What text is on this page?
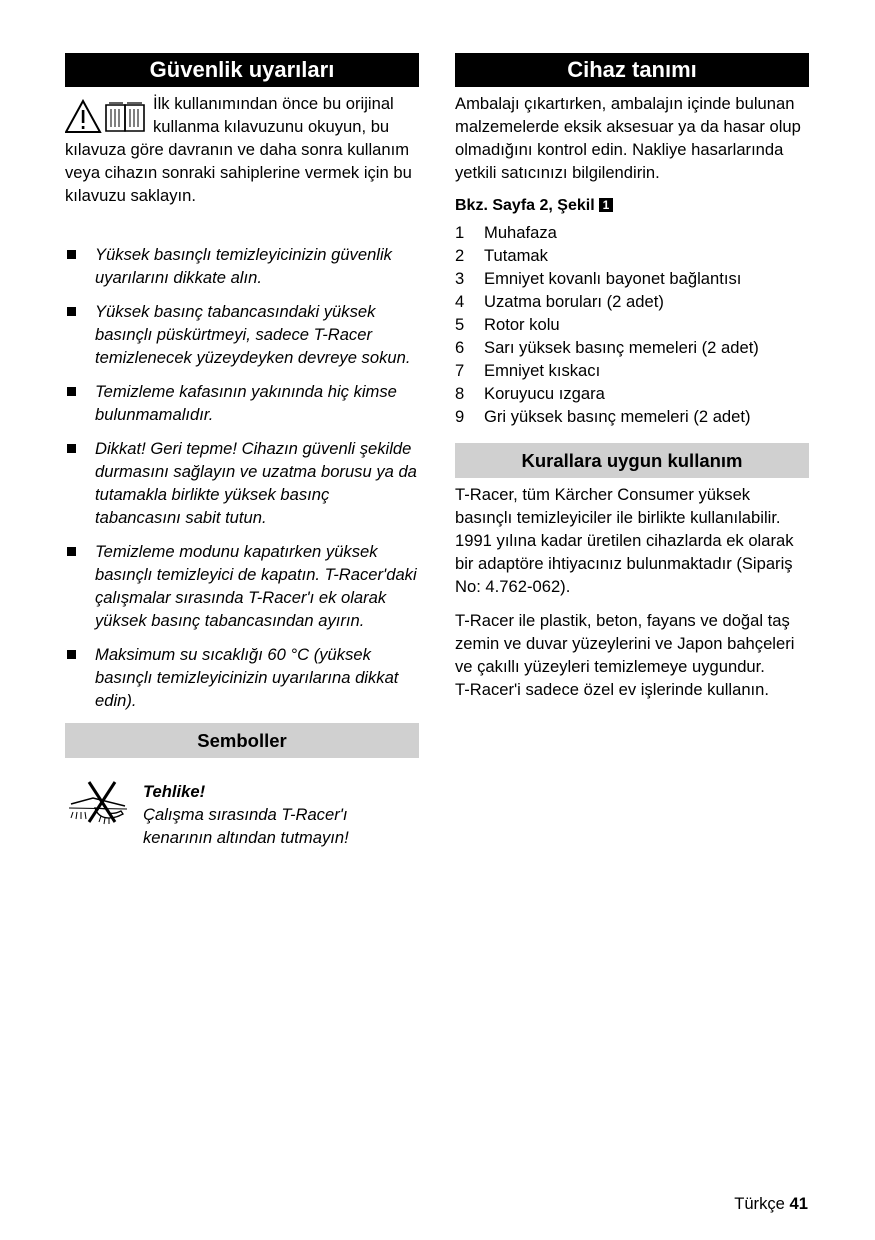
Güvenlik uyarıları

İlk kullanımından önce bu orijinal kullanma kılavuzunu okuyun, bu kılavuza göre davranın ve daha sonra kullanım veya cihazın sonraki sahiplerine vermek için bu kılavuzu saklayın.

Yüksek basınçlı temizleyicinizin güvenlik uyarılarını dikkate alın.
Yüksek basınç tabancasındaki yüksek basınçlı püskürtmeyi, sadece T-Racer temizlenecek yüzeydeyken devreye sokun.
Temizleme kafasının yakınında hiç kimse bulunmamalıdır.
Dikkat! Geri tepme! Cihazın güvenli şekilde durmasını sağlayın ve uzatma borusu ya da tutamakla birlikte yüksek basınç tabancasını sabit tutun.
Temizleme modunu kapatırken yüksek basınçlı temizleyici de kapatın. T-Racer'daki çalışmalar sırasında T-Racer'ı ek olarak yüksek basınç tabancasından ayırın.
Maksimum su sıcaklığı 60 °C (yüksek basınçlı temizleyicinizin uyarılarına dikkat edin).
Semboller
Tehlike!
Çalışma sırasında T-Racer'ı
kenarının altından tutmayın!
Cihaz tanımı

Ambalajı çıkartırken, ambalajın içinde bulunan malzemelerde eksik aksesuar ya da hasar olup olmadığını kontrol edin. Nakliye hasarlarında yetkili satıcınızı bilgilendirin.

Bkz. Sayfa 2, Şekil 1
1 Muhafaza
2 Tutamak
3 Emniyet kovanlı bayonet bağlantısı
4 Uzatma boruları (2 adet)
5 Rotor kolu
6 Sarı yüksek basınç memeleri (2 adet)
7 Emniyet kıskacı
8 Koruyucu ızgara
9 Gri yüksek basınç memeleri (2 adet)
Kurallara uygun kullanım

T-Racer, tüm Kärcher Consumer yüksek basınçlı temizleyiciler ile birlikte kullanılabilir. 1991 yılına kadar üretilen cihazlarda ek olarak bir adaptöre ihtiyacınız bulunmaktadır (Sipariş No: 4.762-062).

T-Racer ile plastik, beton, fayans ve doğal taş zemin ve duvar yüzeylerini ve Japon bahçeleri ve çakıllı yüzeyleri temizlemeye uygundur.

T-Racer'i sadece özel ev işlerinde kullanın.

Türkçe 41
